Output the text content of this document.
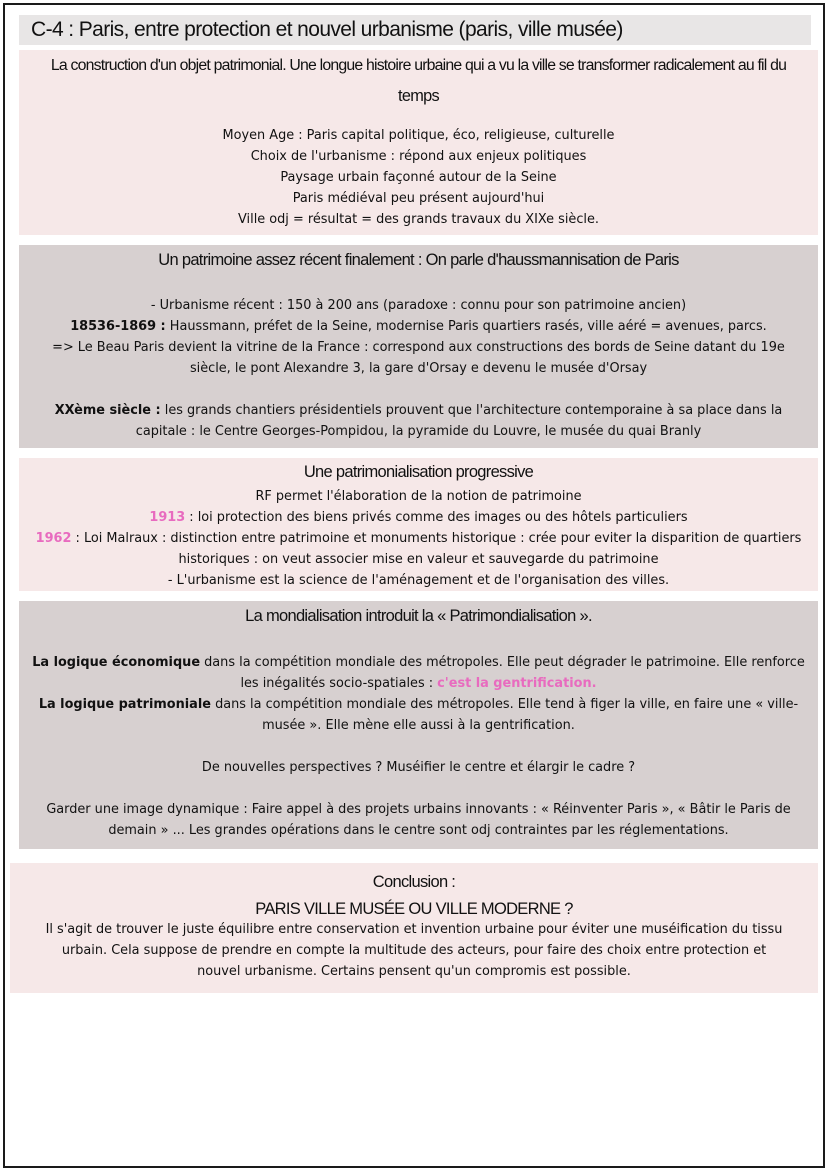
C-4 : Paris, entre protection et nouvel urbanisme (paris, ville musée)
La construction d'un objet patrimonial. Une longue histoire urbaine qui a vu la ville se transformer radicalement au fil du
temps
Moyen Age : Paris capital politique, éco, religieuse, culturelle
Choix de l'urbanisme : répond aux enjeux politiques
Paysage urbain façonné autour de la Seine
Paris médiéval peu présent aujourd'hui
Ville odj = résultat = des grands travaux du XIXe siècle.
Un patrimoine assez récent finalement : On parle d'haussmannisation de Paris
- Urbanisme récent : 150 à 200 ans (paradoxe : connu pour son patrimoine ancien)
18536-1869 : Haussmann, préfet de la Seine, modernise Paris quartiers rasés, ville aéré = avenues, parcs.
=> Le Beau Paris devient la vitrine de la France : correspond aux constructions des bords de Seine datant du 19e
siècle, le pont Alexandre 3, la gare d'Orsay e devenu le musée d'Orsay
XXème siècle : les grands chantiers présidentiels prouvent que l'architecture contemporaine à sa place dans la
capitale : le Centre Georges-Pompidou, la pyramide du Louvre, le musée du quai Branly
Une patrimonialisation progressive
RF permet l'élaboration de la notion de patrimoine
1913 : loi protection des biens privés comme des images ou des hôtels particuliers
1962 : Loi Malraux : distinction entre patrimoine et monuments historique : crée pour eviter la disparition de quartiers
historiques : on veut associer mise en valeur et sauvegarde du patrimoine
- L'urbanisme est la science de l'aménagement et de l'organisation des villes.
La mondialisation introduit la « Patrimondialisation ».
La logique économique dans la compétition mondiale des métropoles. Elle peut dégrader le patrimoine. Elle renforce
les inégalités socio-spatiales : c'est la gentrification.
La logique patrimoniale dans la compétition mondiale des métropoles. Elle tend à figer la ville, en faire une « ville-
musée ». Elle mène elle aussi à la gentrification.
De nouvelles perspectives ? Muséifier le centre et élargir le cadre ?
Garder une image dynamique : Faire appel à des projets urbains innovants : « Réinventer Paris », « Bâtir le Paris de
demain » ... Les grandes opérations dans le centre sont odj contraintes par les réglementations.
Conclusion :
PARIS VILLE MUSÉE OU VILLE MODERNE ?
Il s'agit de trouver le juste équilibre entre conservation et invention urbaine pour éviter une muséification du tissu
urbain. Cela suppose de prendre en compte la multitude des acteurs, pour faire des choix entre protection et
nouvel urbanisme. Certains pensent qu'un compromis est possible.
